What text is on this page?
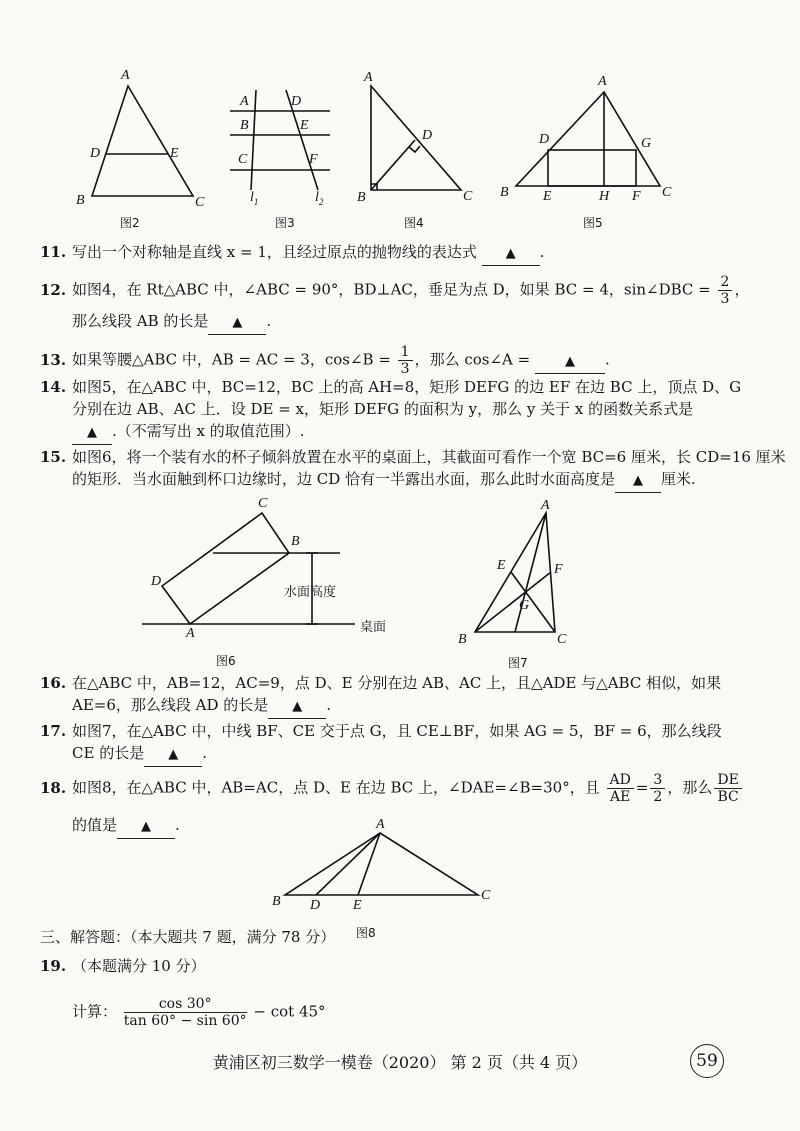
A
D	E
B	C
图2
A
B
C
D
E
F
$l_1$	$l_2$
图3
A
D
B	C
图4
A
D	G
B E	H F C
图5
C
B
D
A
水面高度
桌面
图6
A
E	F
G
B	C
图7
A
B D E
C
图8
11. 写出一个对称轴是直线 x = 1，且经过原点的抛物线的表达式 ▲ .
12. 如图4，在 Rt△ABC 中，∠ABC = 90°，BD⊥AC，垂足为点 D，如果 BC = 4，sin∠DBC = $\frac{2}{3}$ ，
那么线段 AB 的长是 ▲ .
13. 如果等腰△ABC 中，AB = AC = 3，cos∠B = $\frac{1}{3}$ ，那么 cos∠A =	▲ .
14. 如图5，在△ABC 中，BC=12，BC 上的高 AH=8，矩形 DEFG 的边 EF 在边 BC 上，顶点 D、G
分别在边 AB、AC 上．设 DE = x，矩形 DEFG 的面积为 y，那么 y 关于 x 的函数关系式是
▲ .（不需写出 x 的取值范围）.
15. 如图6，将一个装有水的杯子倾斜放置在水平的桌面上，其截面可看作一个宽 BC=6 厘米，长 CD=16 厘米
的矩形．当水面触到杯口边缘时，边 CD 恰有一半露出水面，那么此时水面高度是 ▲ 厘米.
16. 在△ABC 中，AB=12，AC=9，点 D、E 分别在边 AB、AC 上，且△ADE 与△ABC 相似，如果
AE=6，那么线段 AD 的长是 ▲ .
17. 如图7，在△ABC 中，中线 BF、CE 交于点 G，且 CE⊥BF，如果 AG = 5，BF = 6，那么线段
CE 的长是 ▲ .
18. 如图8，在△ABC 中，AB=AC，点 D、E 在边 BC 上，∠DAE=∠B=30°，且 $\frac{AD}{AE} = \frac{3}{2}$ ，那么 $\frac{DE}{BC}$
的值是 ▲ .
三、解答题：（本大题共 7 题，满分 78 分）
19. （本题满分 10 分）
计算： $\frac{\cos 30^\circ}{\tan 60^\circ - \sin 60^\circ} - \cot 45^\circ$
黄浦区初三数学一模卷（2020） 第 2 页（共 4 页）	59
